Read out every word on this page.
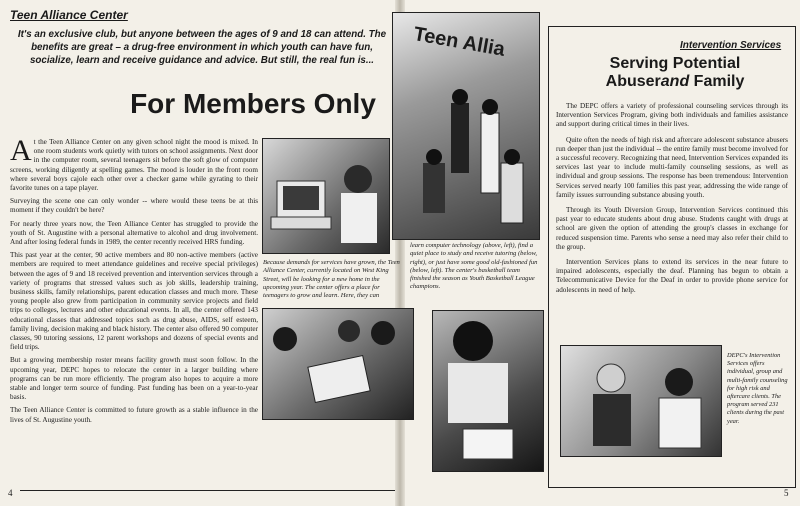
Teen Alliance Center
It's an exclusive club, but anyone between the ages of 9 and 18 can attend. The benefits are great – a drug-free environment in which youth can have fun, socialize, learn and receive guidance and advice. But still, the real fun is...
For Members Only

At the Teen Alliance Center on any given school night the mood is mixed. In one room students work quietly with tutors on school assignments. Next door in the computer room, several teenagers sit before the soft glow of computer screens, working diligently at spelling games. The mood is louder in the front room where several boys cajole each other over a checker game while gyrating to their favorite tunes on a tape player.

Surveying the scene one can only wonder -- where would these teens be at this moment if they couldn't be here?

For nearly three years now, the Teen Alliance Center has struggled to provide the youth of St. Augustine with a personal alternative to alcohol and drug involvement. And after losing federal funds in 1989, the center recently received HRS funding.

This past year at the center, 90 active members and 80 non-active members (active members are required to meet attendance guidelines and receive special privileges) between the ages of 9 and 18 received prevention and intervention services through a variety of programs that stressed values such as job skills, leadership training, business skills, family relationships, parent education classes and much more. These young people also grew from participation in community service projects and field trips to colleges, lectures and other educational events. In all, the center offered 143 educational classes that addressed topics such as drug abuse, AIDS, self esteem, family living, decision making and black history. The center also offered 90 computer classes, 90 tutoring sessions, 12 parent workshops and dozens of special events and field trips.

But a growing membership roster means facility growth must soon follow. In the upcoming year, DEPC hopes to relocate the center in a larger building where programs can be run more efficiently. The program also hopes to acquire a more stable and longer term source of funding. Past funding has been on a year-to-year basis.

The Teen Alliance Center is committed to future growth as a stable influence in the lives of St. Augustine youth.

Teen Allia
Because demands for services have grown, the Teen Alliance Center, currently located on West King Street, will be looking for a new home in the upcoming year. The center offers a place for teenagers to grow and learn. Here, they can
learn computer technology (above, left), find a quiet place to study and receive tutoring (below, right), or just have some good old-fashioned fun (below, left). The center's basketball team finished the season as Youth Basketball League champions.
4
Intervention Services
Serving Potential
Abuserand Family

The DEPC offers a variety of professional counseling services through its Intervention Services Program, giving both individuals and families assistance and support during critical times in their lives.

Quite often the needs of high risk and aftercare adolescent substance abusers run deeper than just the individual -- the entire family must become involved for a successful recovery. Recognizing that need, Intervention Services expanded its services last year to include multi-family counseling sessions, as well as individual and group sessions. The response has been tremendous: Intervention Services served nearly 100 families this past year, addressing the wide range of family issues surrounding substance abusing youth.

Through its Youth Diversion Group, Intervention Services continued this past year to educate students about drug abuse. Students caught with drugs at school are given the option of attending the group's classes in exchange for reduced suspension time. Parents who sense a need may also refer their child to the group.

Intervention Services plans to extend its services in the near future to impaired adolescents, especially the deaf. Planning has begun to obtain a Telecommunicative Device for the Deaf in order to provide phone service for adolescents in need of help.

DEPC's Intervention Services offers individual, group and multi-family counseling for high risk and aftercare clients. The program served 231 clients during the past year.
5
